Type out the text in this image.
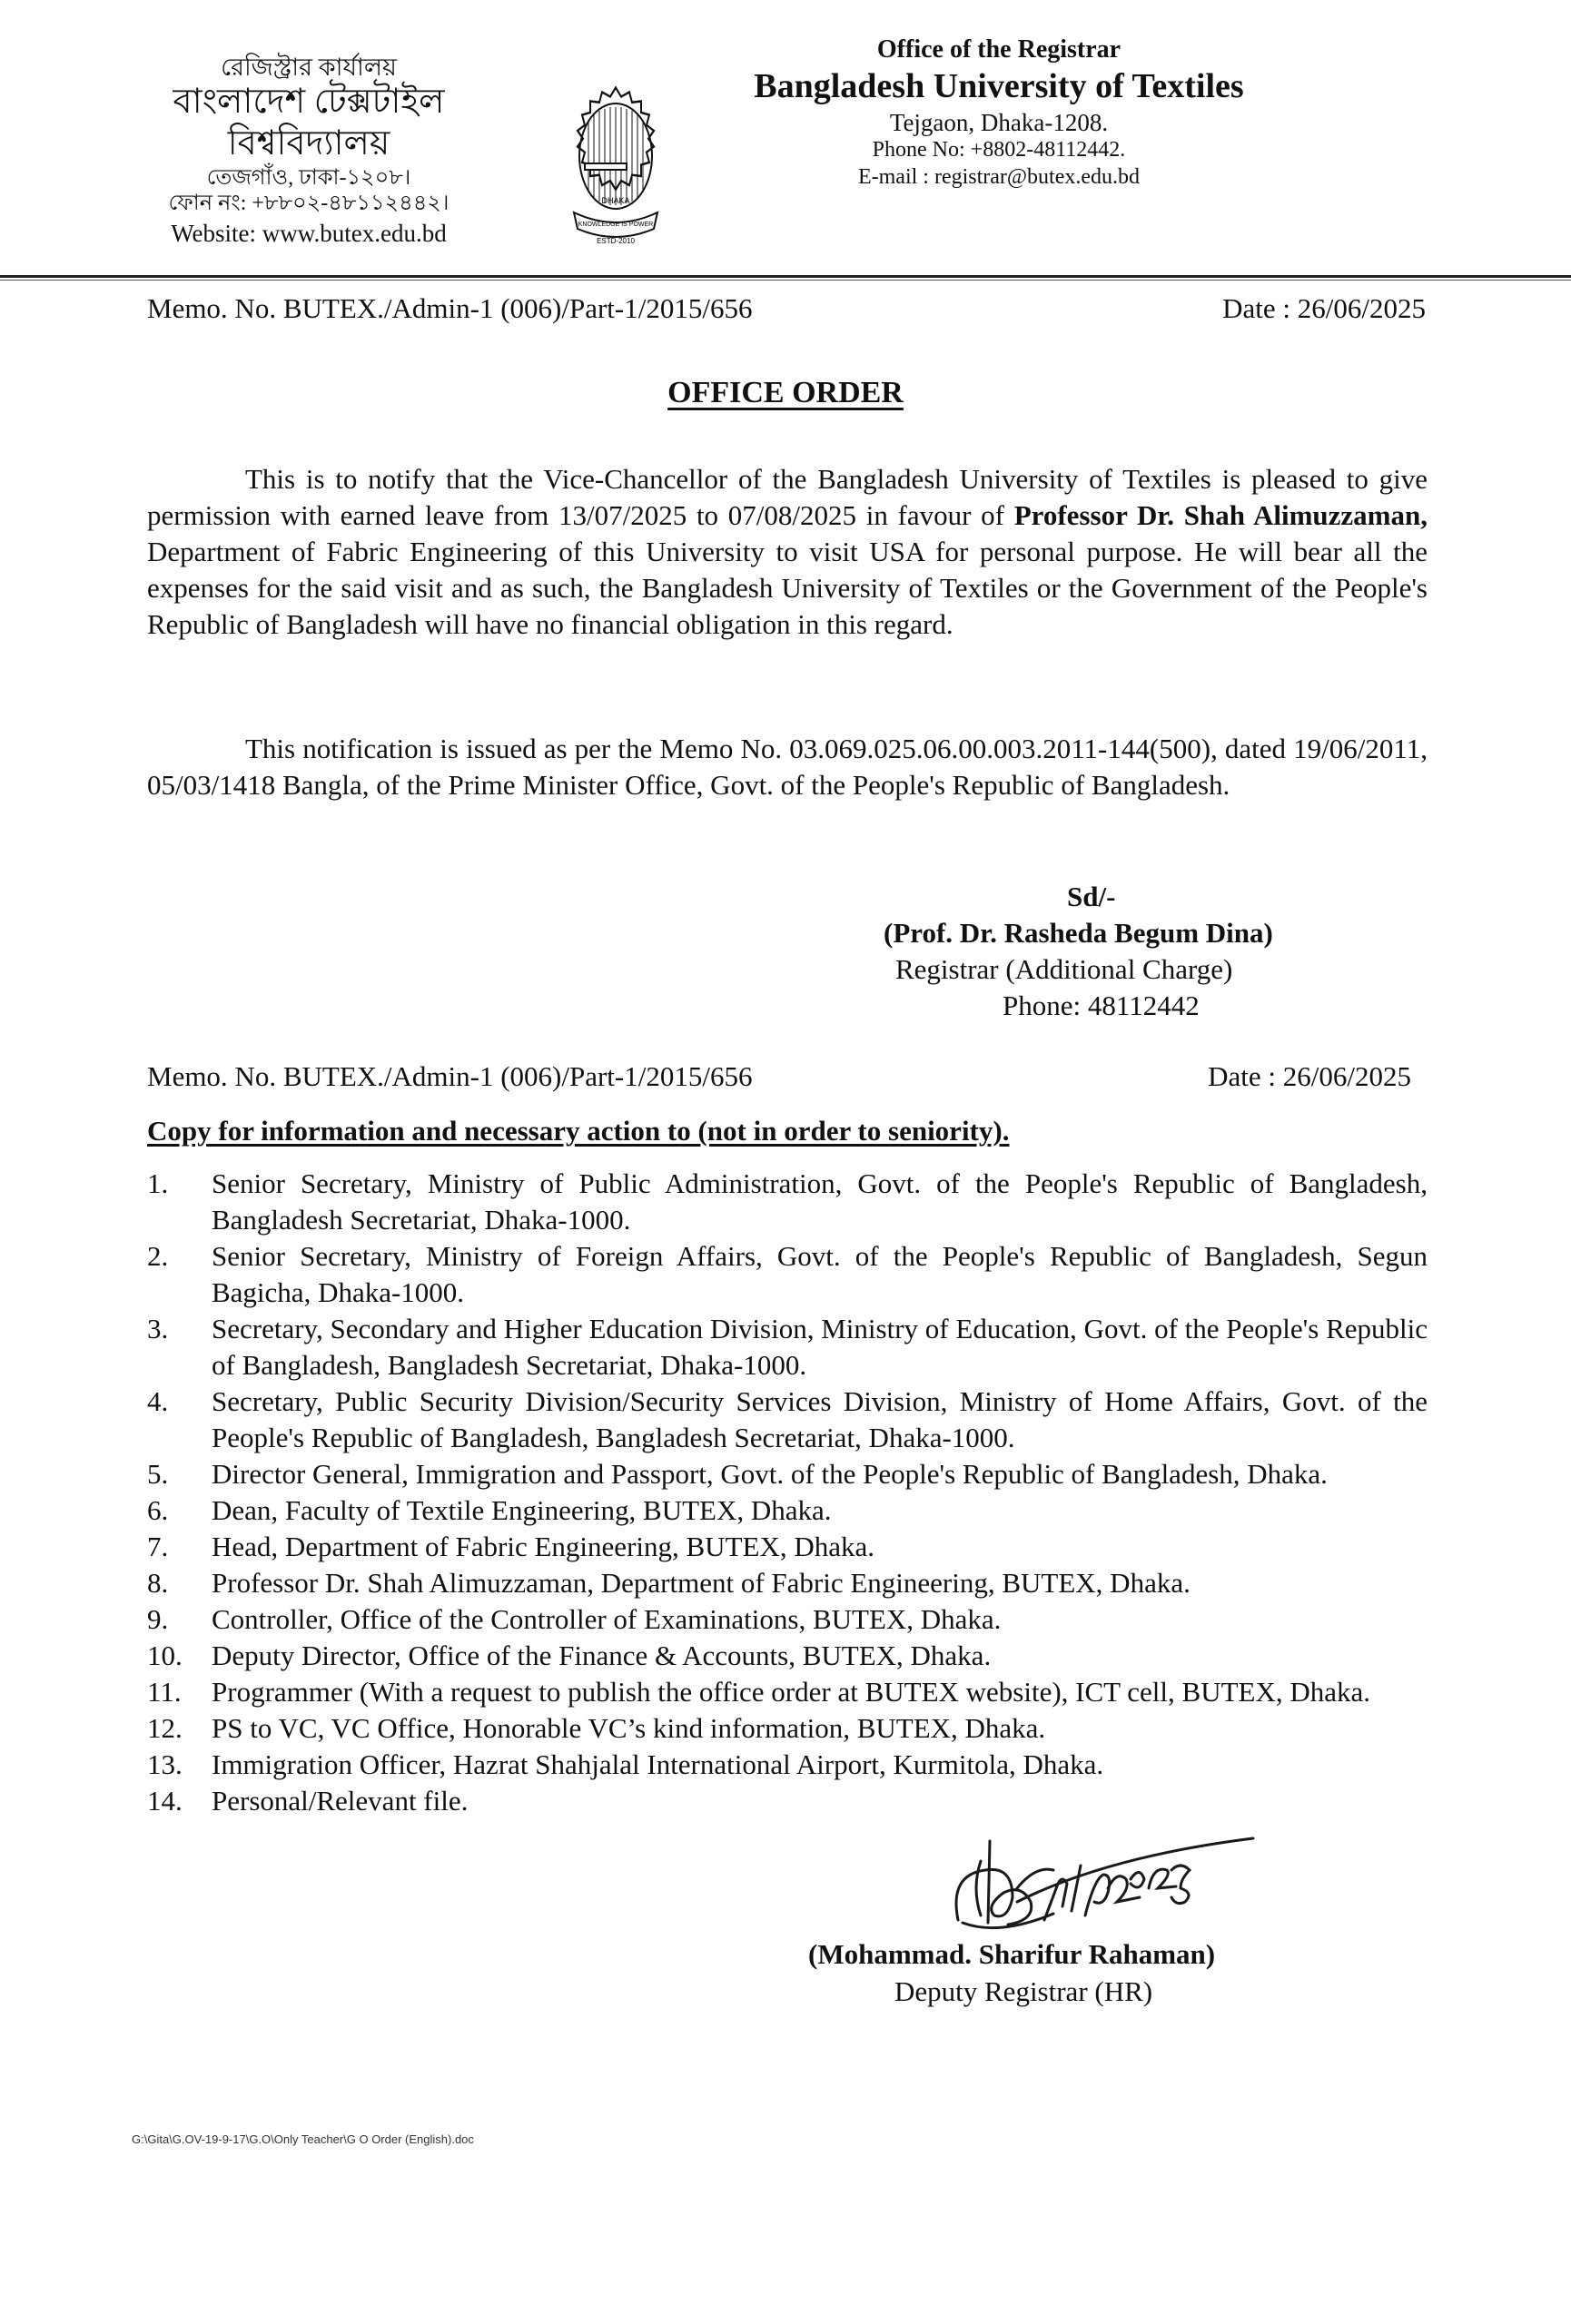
রেজিস্ট্রার কার্যালয়
বাংলাদেশ টেক্সটাইল বিশ্ববিদ্যালয়
তেজগাঁও, ঢাকা-১২০৮।
ফোন নং: +৮৮০২-৪৮১১২৪৪২।
Website: www.butex.edu.bd
DHAKA
KNOWLEDGE IS POWER
ESTD-2010
Office of the Registrar
Bangladesh University of Textiles
Tejgaon, Dhaka-1208.
Phone No: +8802-48112442.
E-mail : registrar@butex.edu.bd
Memo. No. BUTEX./Admin-1 (006)/Part-1/2015/656	Date : 26/06/2025
OFFICE ORDER
This is to notify that the Vice-Chancellor of the Bangladesh University of Textiles is pleased to give permission with earned leave from 13/07/2025 to 07/08/2025 in favour of Professor Dr. Shah Alimuzzaman, Department of Fabric Engineering of this University to visit USA for personal purpose. He will bear all the expenses for the said visit and as such, the Bangladesh University of Textiles or the Government of the People's Republic of Bangladesh will have no financial obligation in this regard.
This notification is issued as per the Memo No. 03.069.025.06.00.003.2011-144(500), dated 19/06/2011, 05/03/1418 Bangla, of the Prime Minister Office, Govt. of the People's Republic of Bangladesh.
Sd/-
(Prof. Dr. Rasheda Begum Dina)
Registrar (Additional Charge)
Phone: 48112442
Memo. No. BUTEX./Admin-1 (006)/Part-1/2015/656	Date : 26/06/2025
Copy for information and necessary action to (not in order to seniority).
1.	Senior Secretary, Ministry of Public Administration, Govt. of the People's Republic of Bangladesh, Bangladesh Secretariat, Dhaka-1000.
2.	Senior Secretary, Ministry of Foreign Affairs, Govt. of the People's Republic of Bangladesh, Segun Bagicha, Dhaka-1000.
3.	Secretary, Secondary and Higher Education Division, Ministry of Education, Govt. of the People's Republic of Bangladesh, Bangladesh Secretariat, Dhaka-1000.
4.	Secretary, Public Security Division/Security Services Division, Ministry of Home Affairs, Govt. of the People's Republic of Bangladesh, Bangladesh Secretariat, Dhaka-1000.
5.	Director General, Immigration and Passport, Govt. of the People's Republic of Bangladesh, Dhaka.
6.	Dean, Faculty of Textile Engineering, BUTEX, Dhaka.
7.	Head, Department of Fabric Engineering, BUTEX, Dhaka.
8.	Professor Dr. Shah Alimuzzaman, Department of Fabric Engineering, BUTEX, Dhaka.
9.	Controller, Office of the Controller of Examinations, BUTEX, Dhaka.
10.	Deputy Director, Office of the Finance & Accounts, BUTEX, Dhaka.
11.	Programmer (With a request to publish the office order at BUTEX website), ICT cell, BUTEX, Dhaka.
12.	PS to VC, VC Office, Honorable VC’s kind information, BUTEX, Dhaka.
13.	Immigration Officer, Hazrat Shahjalal International Airport, Kurmitola, Dhaka.
14.	Personal/Relevant file.
(Mohammad. Sharifur Rahaman)
Deputy Registrar (HR)
G:\Gita\G.OV-19-9-17\G.O\Only Teacher\G O Order (English).doc
